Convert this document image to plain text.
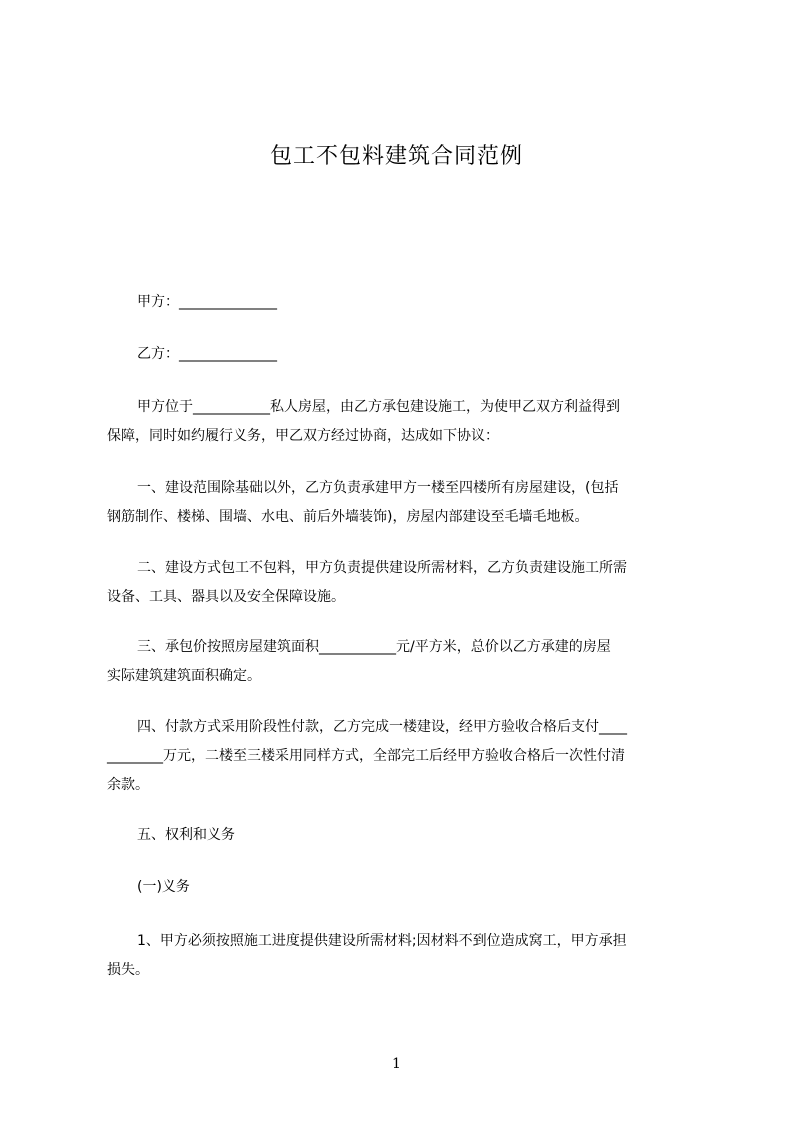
包工不包料建筑合同范例

甲方：______________

乙方：______________

甲方位于___________私人房屋，由乙方承包建设施工，为使甲乙双方利益得到
保障，同时如约履行义务，甲乙双方经过协商，达成如下协议：

一、建设范围除基础以外，乙方负责承建甲方一楼至四楼所有房屋建设，(包括
钢筋制作、楼梯、围墙、水电、前后外墙装饰)，房屋内部建设至毛墙毛地板。

二、建设方式包工不包料，甲方负责提供建设所需材料，乙方负责建设施工所需
设备、工具、器具以及安全保障设施。

三、承包价按照房屋建筑面积___________元/平方米，总价以乙方承建的房屋
实际建筑建筑面积确定。

四、付款方式采用阶段性付款，乙方完成一楼建设，经甲方验收合格后支付____
________万元，二楼至三楼采用同样方式，全部完工后经甲方验收合格后一次性付清
余款。

五、权利和义务

(一)义务

1、甲方必须按照施工进度提供建设所需材料;因材料不到位造成窝工，甲方承担
损失。

1
